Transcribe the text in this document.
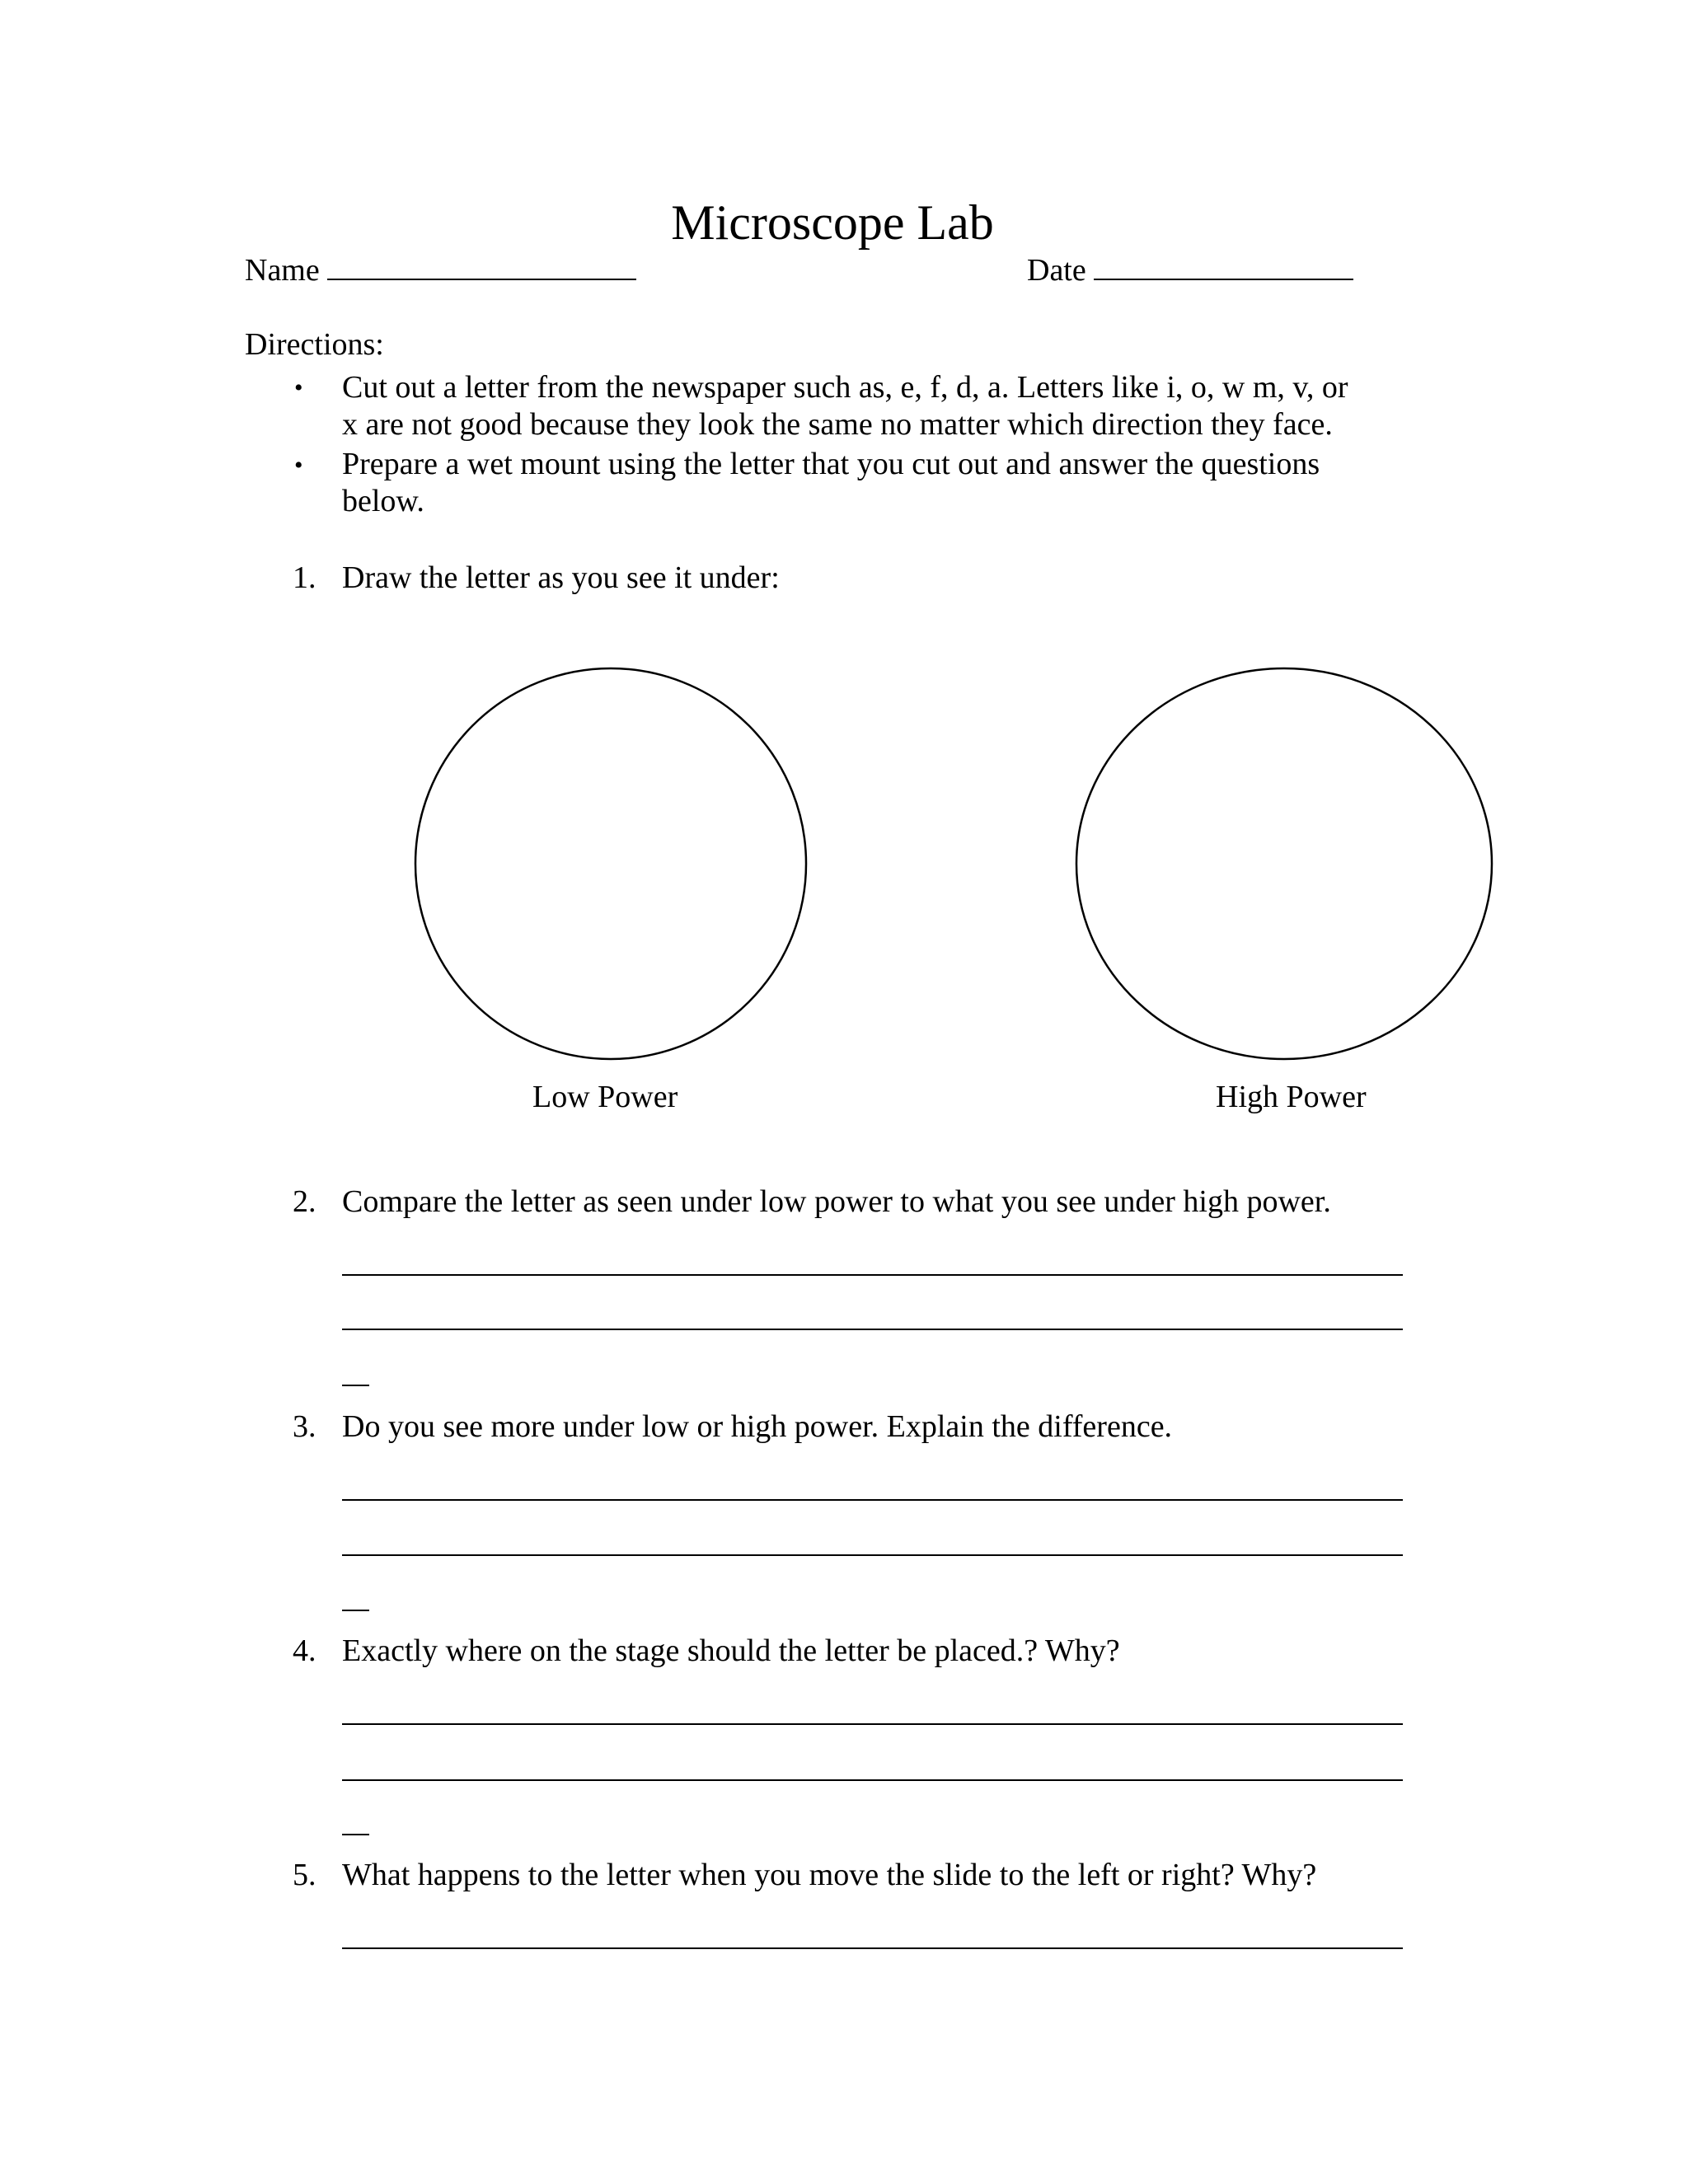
Microscope Lab
Name	Date
Directions:
• Cut out a letter from the newspaper such as, e, f, d, a. Letters like i, o, w m, v, or
x are not good because they look the same no matter which direction they face.
• Prepare a wet mount using the letter that you cut out and answer the questions
below.
1. Draw the letter as you see it under:
Low Power	High Power
2. Compare the letter as seen under low power to what you see under high power.
3. Do you see more under low or high power. Explain the difference.
4. Exactly where on the stage should the letter be placed.? Why?
5. What happens to the letter when you move the slide to the left or right? Why?
